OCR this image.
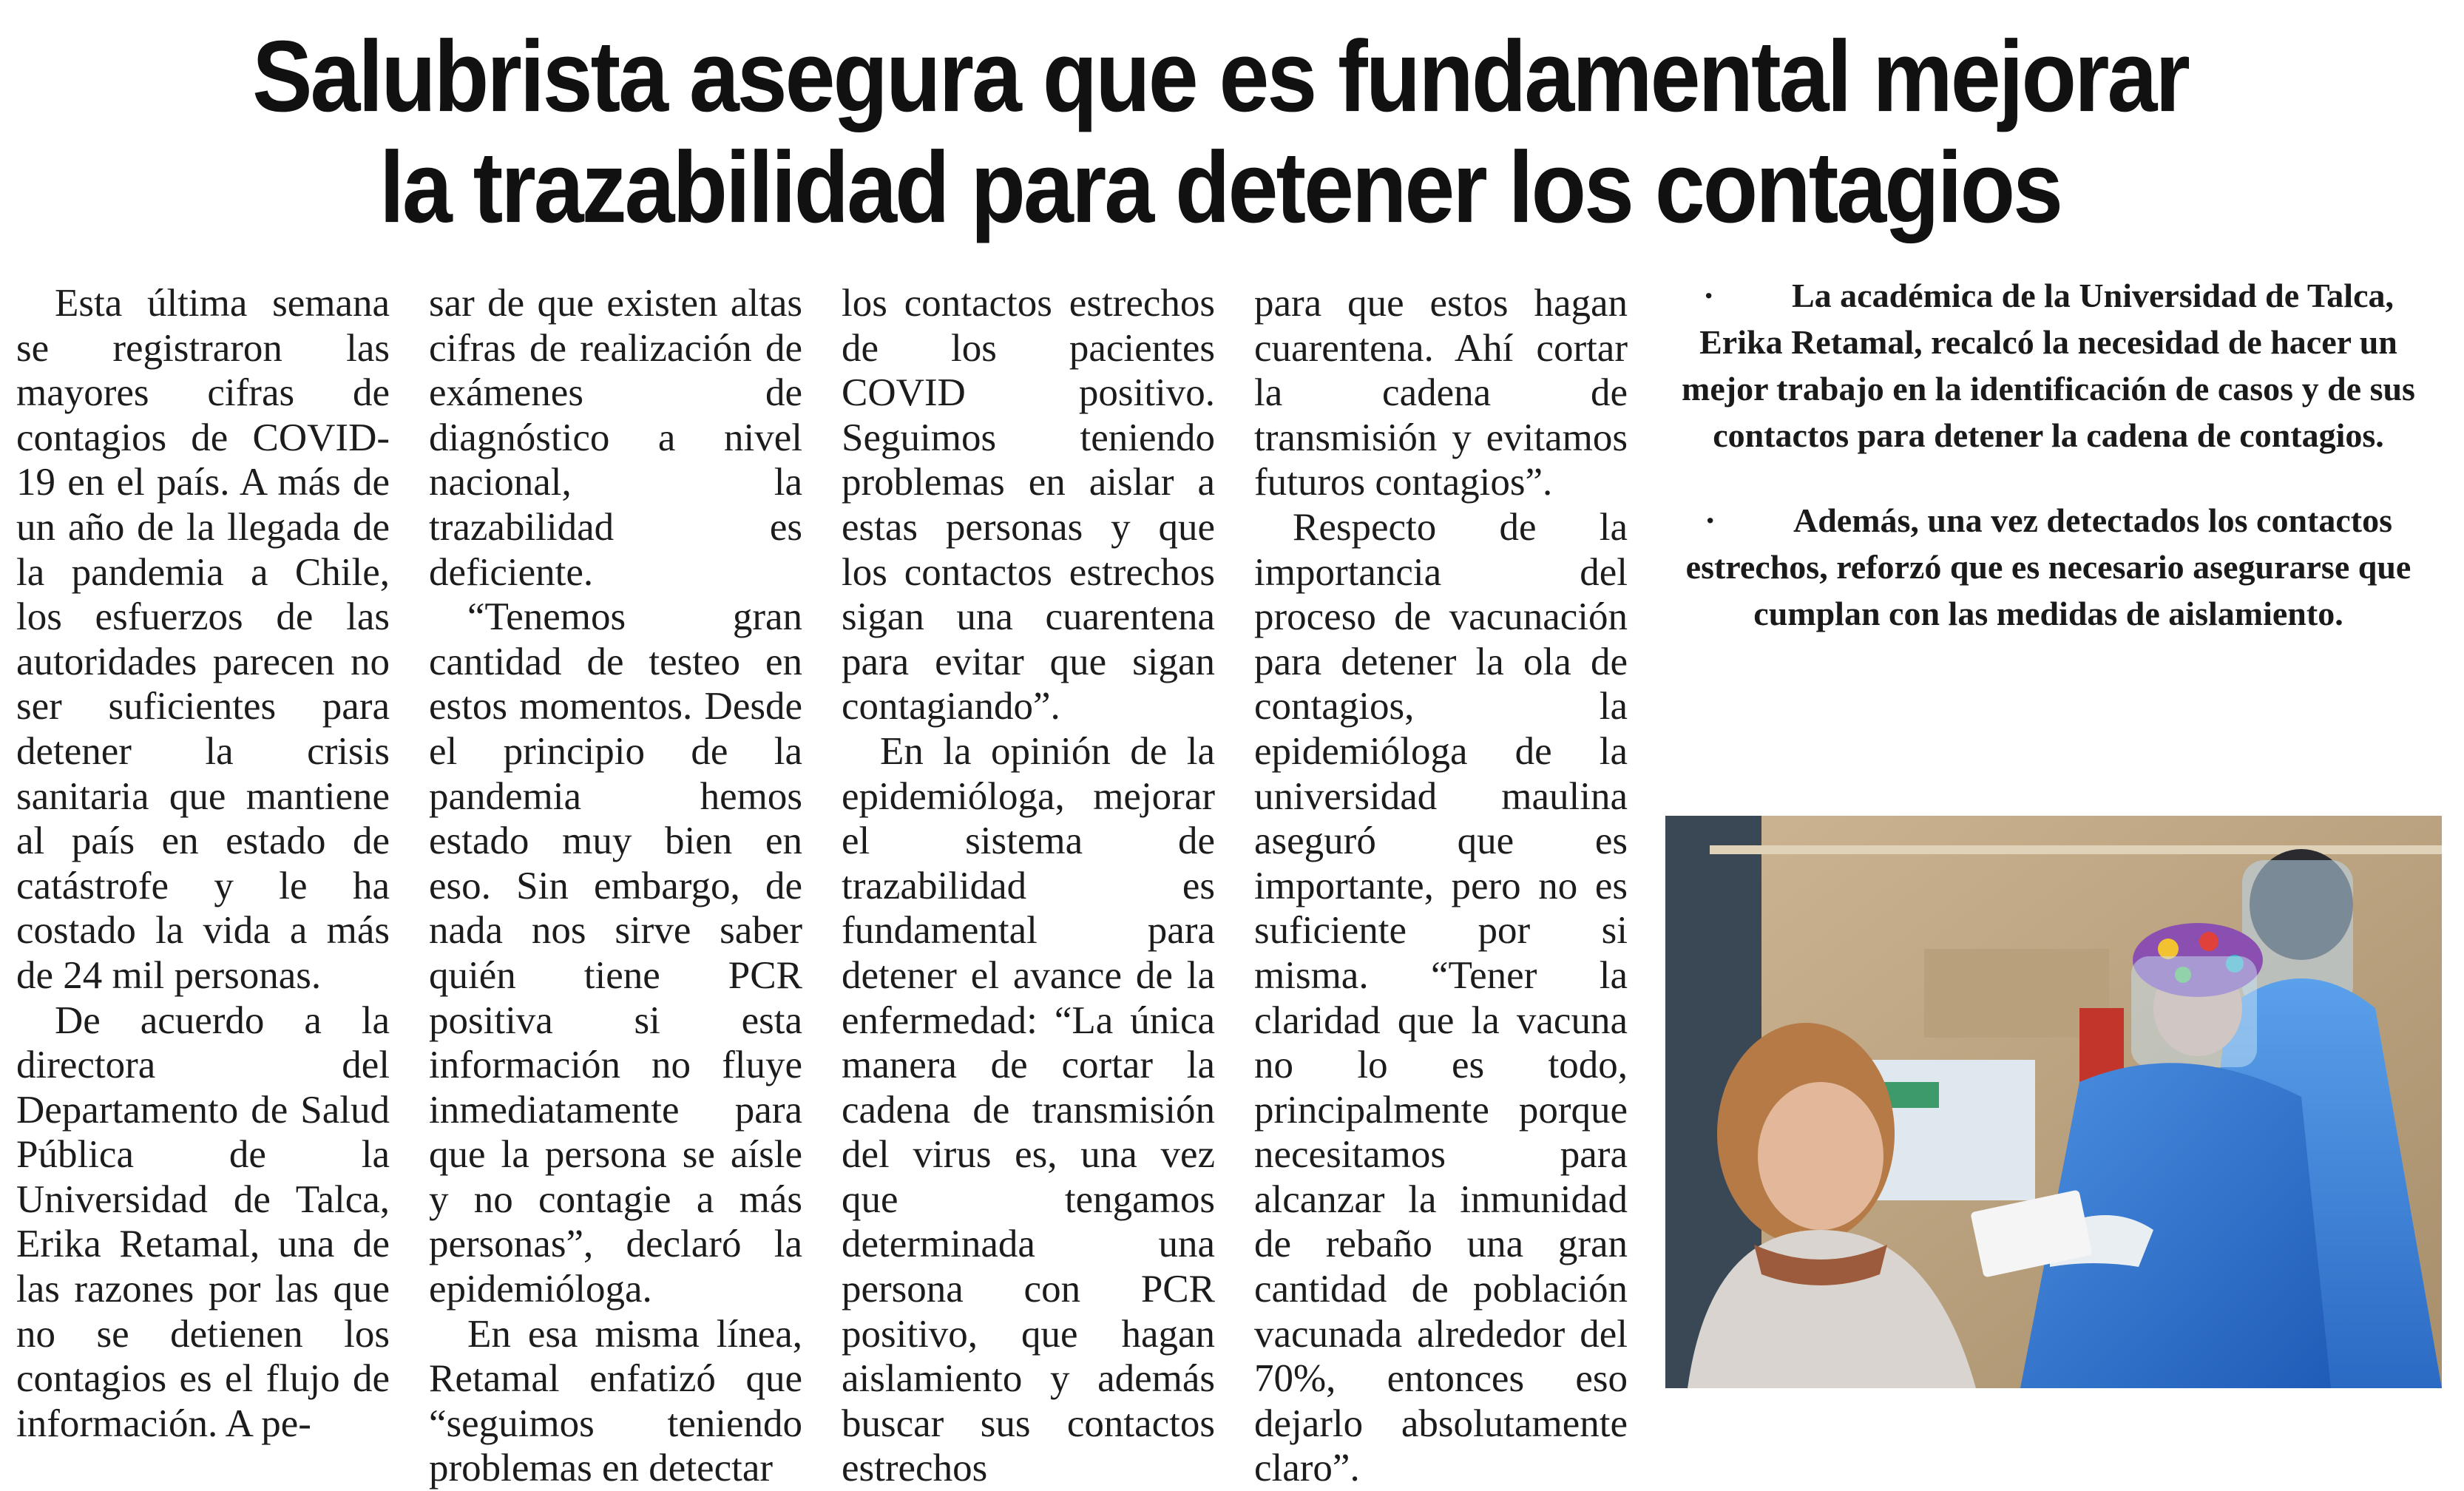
Salubrista asegura que es fundamental mejorar
la trazabilidad para detener los contagios

Esta última semana se registraron las mayores cifras de contagios de COVID-19 en el país. A más de un año de la llegada de la pandemia a Chile, los esfuerzos de las autoridades parecen no ser suficientes para detener la crisis sanitaria que mantiene al país en estado de catástrofe y le ha costado la vida a más de 24 mil personas.

De acuerdo a la directora del Departamento de Salud Pública de la Universidad de Talca, Erika Retamal, una de las razones por las que no se detienen los contagios es el flujo de información. A pe-

sar de que existen altas cifras de realización de exámenes de diagnóstico a nivel nacional, la trazabilidad es deficiente.

“Tenemos gran cantidad de testeo en estos momentos. Desde el principio de la pandemia hemos estado muy bien en eso. Sin embargo, de nada nos sirve saber quién tiene PCR positiva si esta información no fluye inmediatamente para que la persona se aísle y no contagie a más personas”, declaró la epidemióloga.

En esa misma línea, Retamal enfatizó que “seguimos teniendo problemas en detectar

los contactos estrechos de los pacientes COVID positivo. Seguimos teniendo problemas en aislar a estas personas y que los contactos estrechos sigan una cuarentena para evitar que sigan contagiando”.

En la opinión de la epidemióloga, mejorar el sistema de trazabilidad es fundamental para detener el avance de la enfermedad: “La única manera de cortar la cadena de transmisión del virus es, una vez que tengamos determinada una persona con PCR positivo, que hagan aislamiento y además buscar sus contactos estrechos

para que estos hagan cuarentena. Ahí cortar la cadena de transmisión y evitamos futuros contagios”.

Respecto de la importancia del proceso de vacunación para detener la ola de contagios, la epidemióloga de la universidad maulina aseguró que es importante, pero no es suficiente por si misma. “Tener la claridad que la vacuna no lo es todo, principalmente porque necesitamos para alcanzar la inmunidad de rebaño una gran cantidad de población vacunada alrededor del 70%, entonces eso dejarlo absolutamente claro”.

· La académica de la Universidad de Talca, Erika Retamal, recalcó la necesidad de hacer un mejor trabajo en la identificación de casos y de sus contactos para detener la cadena de contagios.

· Además, una vez detectados los contactos estrechos, reforzó que es necesario asegurarse que cumplan con las medidas de aislamiento.
